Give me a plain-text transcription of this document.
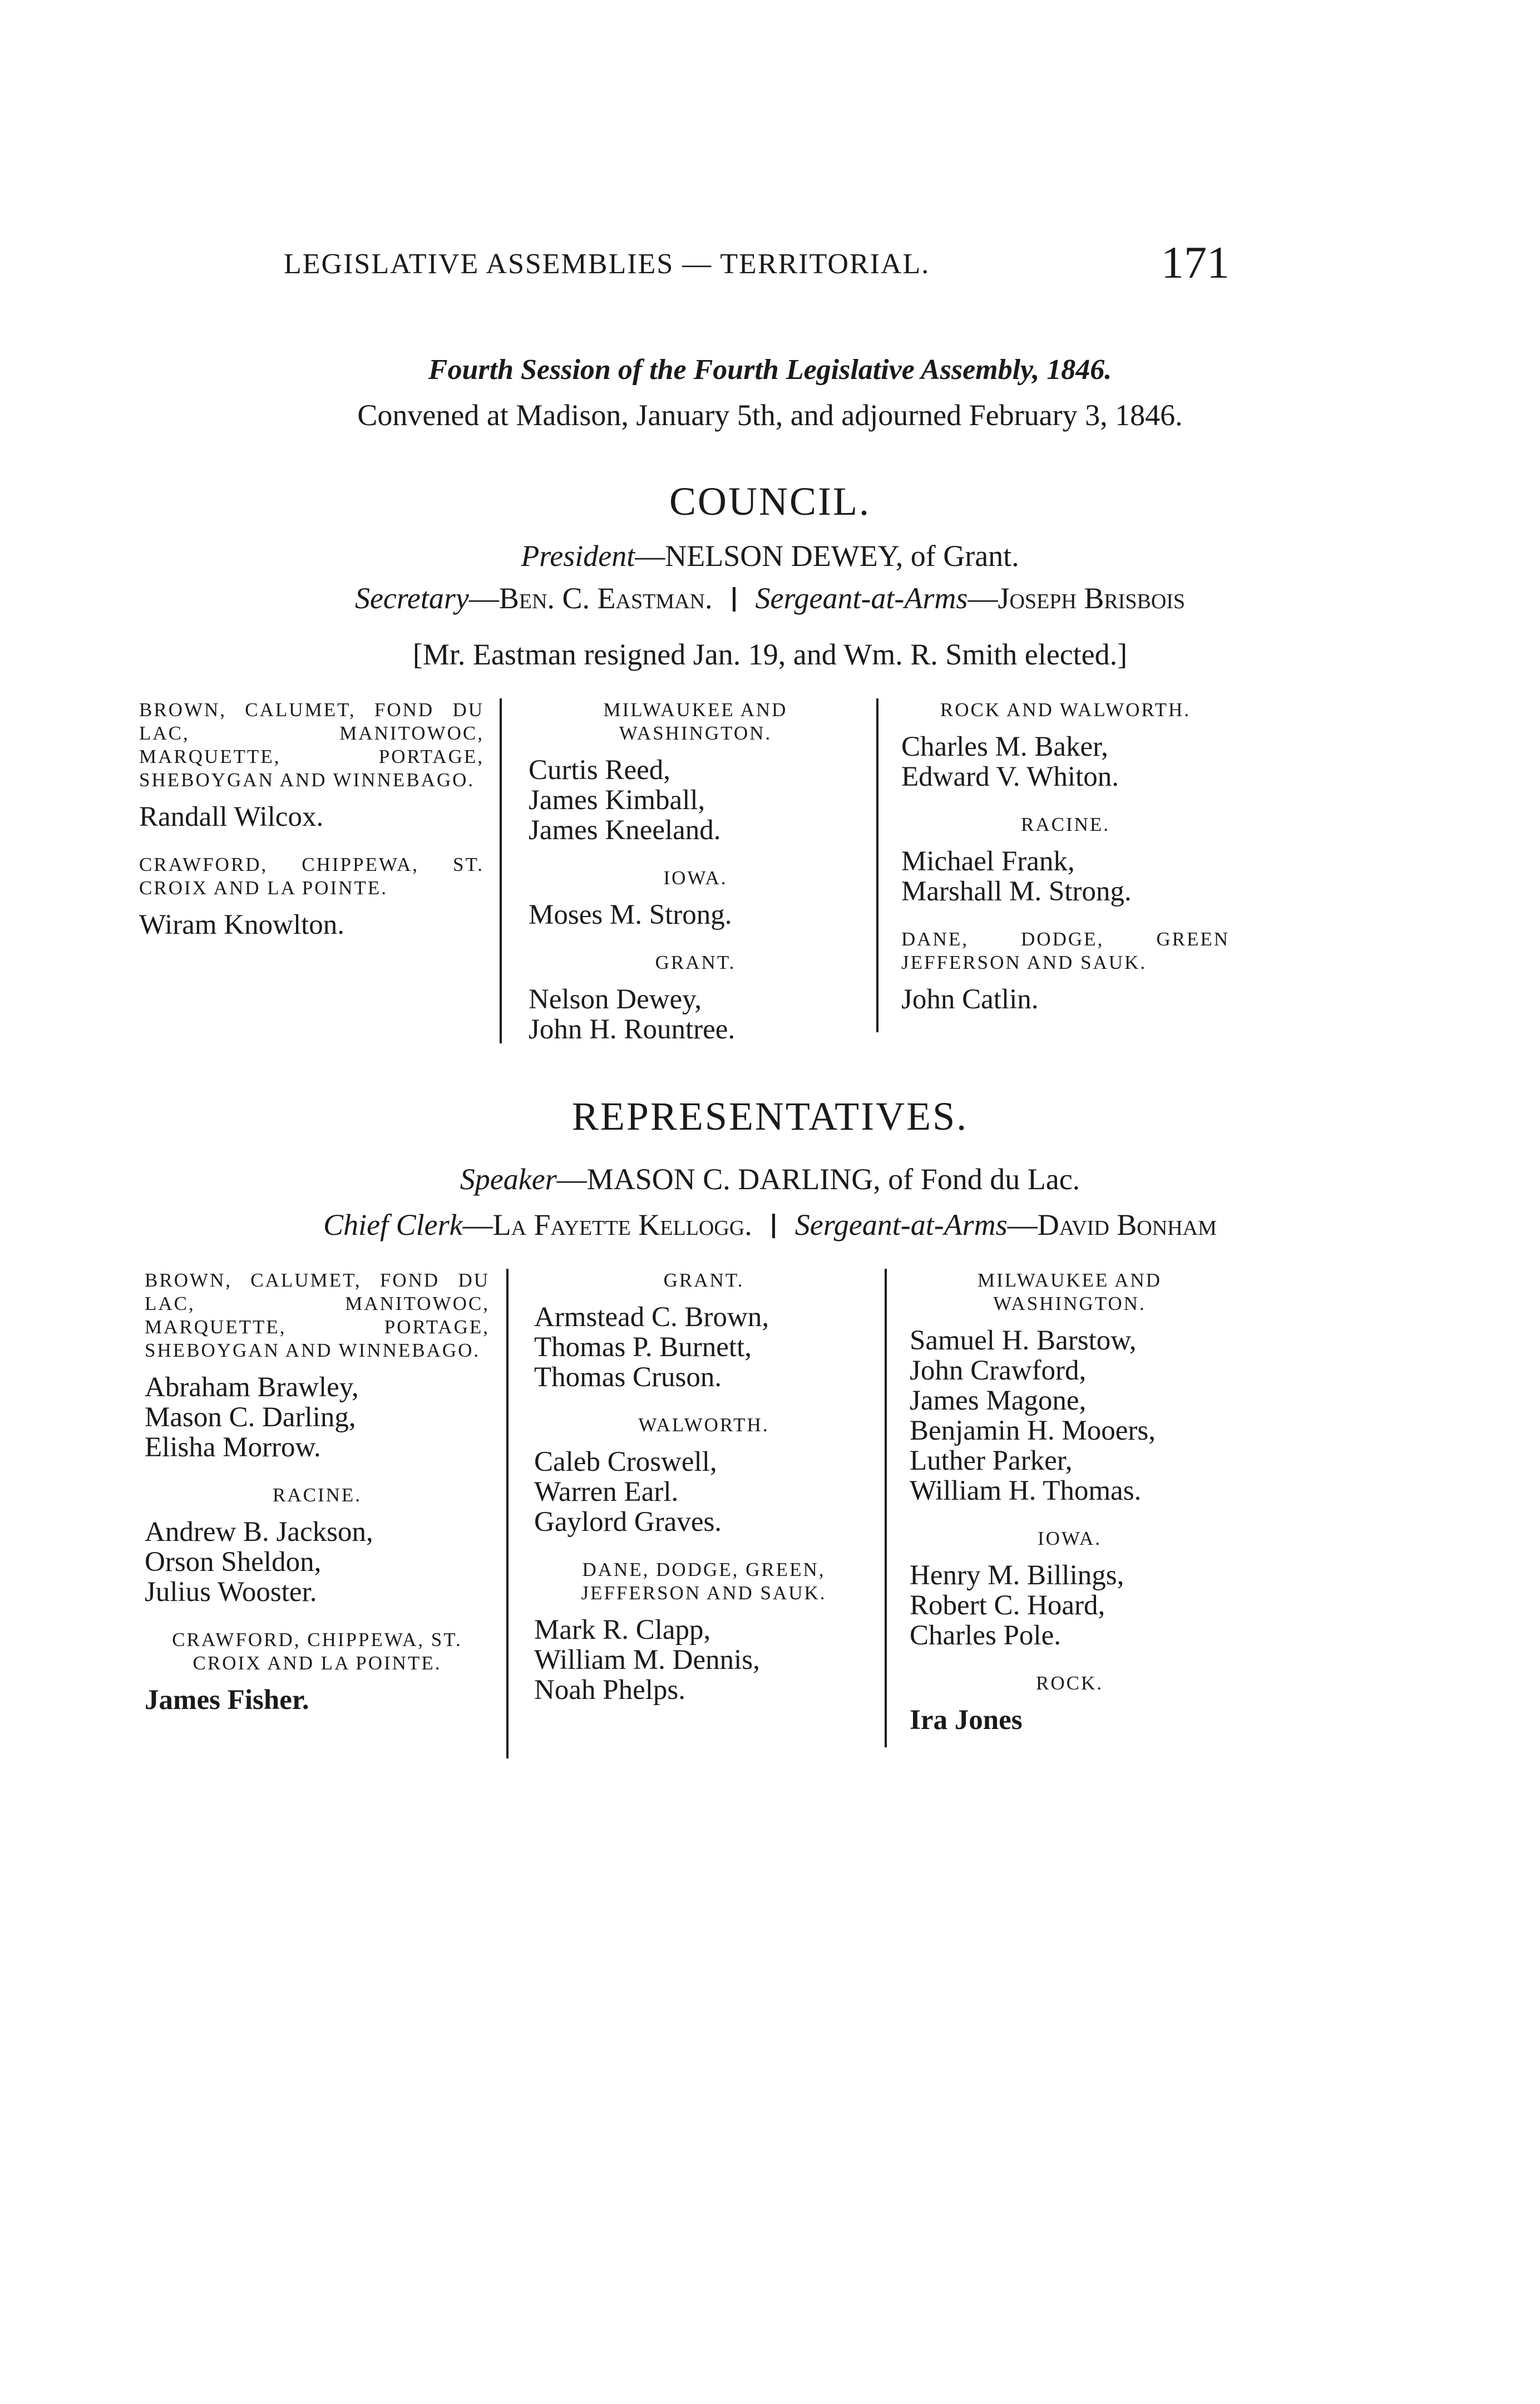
LEGISLATIVE ASSEMBLIES — TERRITORIAL.	171
Fourth Session of the Fourth Legislative Assembly, 1846.
Convened at Madison, January 5th, and adjourned February 3, 1846.
COUNCIL.
President—NELSON DEWEY, of Grant.
Secretary—Ben. C. Eastman. Sergeant-at-Arms—Joseph Brisbois
[Mr. Eastman resigned Jan. 19, and Wm. R. Smith elected.]
BROWN, CALUMET, FOND DU LAC, MANITOWOC, MARQUETTE, PORTAGE, SHEBOYGAN AND WINNEBAGO.
Randall Wilcox.
CRAWFORD, CHIPPEWA, ST. CROIX AND LA POINTE.
Wiram Knowlton.
MILWAUKEE AND WASHINGTON.
Curtis Reed,
James Kimball,
James Kneeland.
IOWA.
Moses M. Strong.
GRANT.
Nelson Dewey,
John H. Rountree.
ROCK AND WALWORTH.
Charles M. Baker,
Edward V. Whiton.
RACINE.
Michael Frank,
Marshall M. Strong.
DANE, DODGE, GREEN JEFFERSON AND SAUK.
John Catlin.
REPRESENTATIVES.
Speaker—MASON C. DARLING, of Fond du Lac.
Chief Clerk—La Fayette Kellogg. Sergeant-at-Arms—David Bonham
BROWN, CALUMET, FOND DU LAC, MANITOWOC, MARQUETTE, PORTAGE, SHEBOYGAN AND WINNEBAGO.
Abraham Brawley,
Mason C. Darling,
Elisha Morrow.
RACINE.
Andrew B. Jackson,
Orson Sheldon,
Julius Wooster.
CRAWFORD, CHIPPEWA, ST. CROIX AND LA POINTE.
James Fisher.
GRANT.
Armstead C. Brown,
Thomas P. Burnett,
Thomas Cruson.
WALWORTH.
Caleb Croswell,
Warren Earl.
Gaylord Graves.
DANE, DODGE, GREEN, JEFFERSON AND SAUK.
Mark R. Clapp,
William M. Dennis,
Noah Phelps.
MILWAUKEE AND WASHINGTON.
Samuel H. Barstow,
John Crawford,
James Magone,
Benjamin H. Mooers,
Luther Parker,
William H. Thomas.
IOWA.
Henry M. Billings,
Robert C. Hoard,
Charles Pole.
ROCK.
Ira Jones
